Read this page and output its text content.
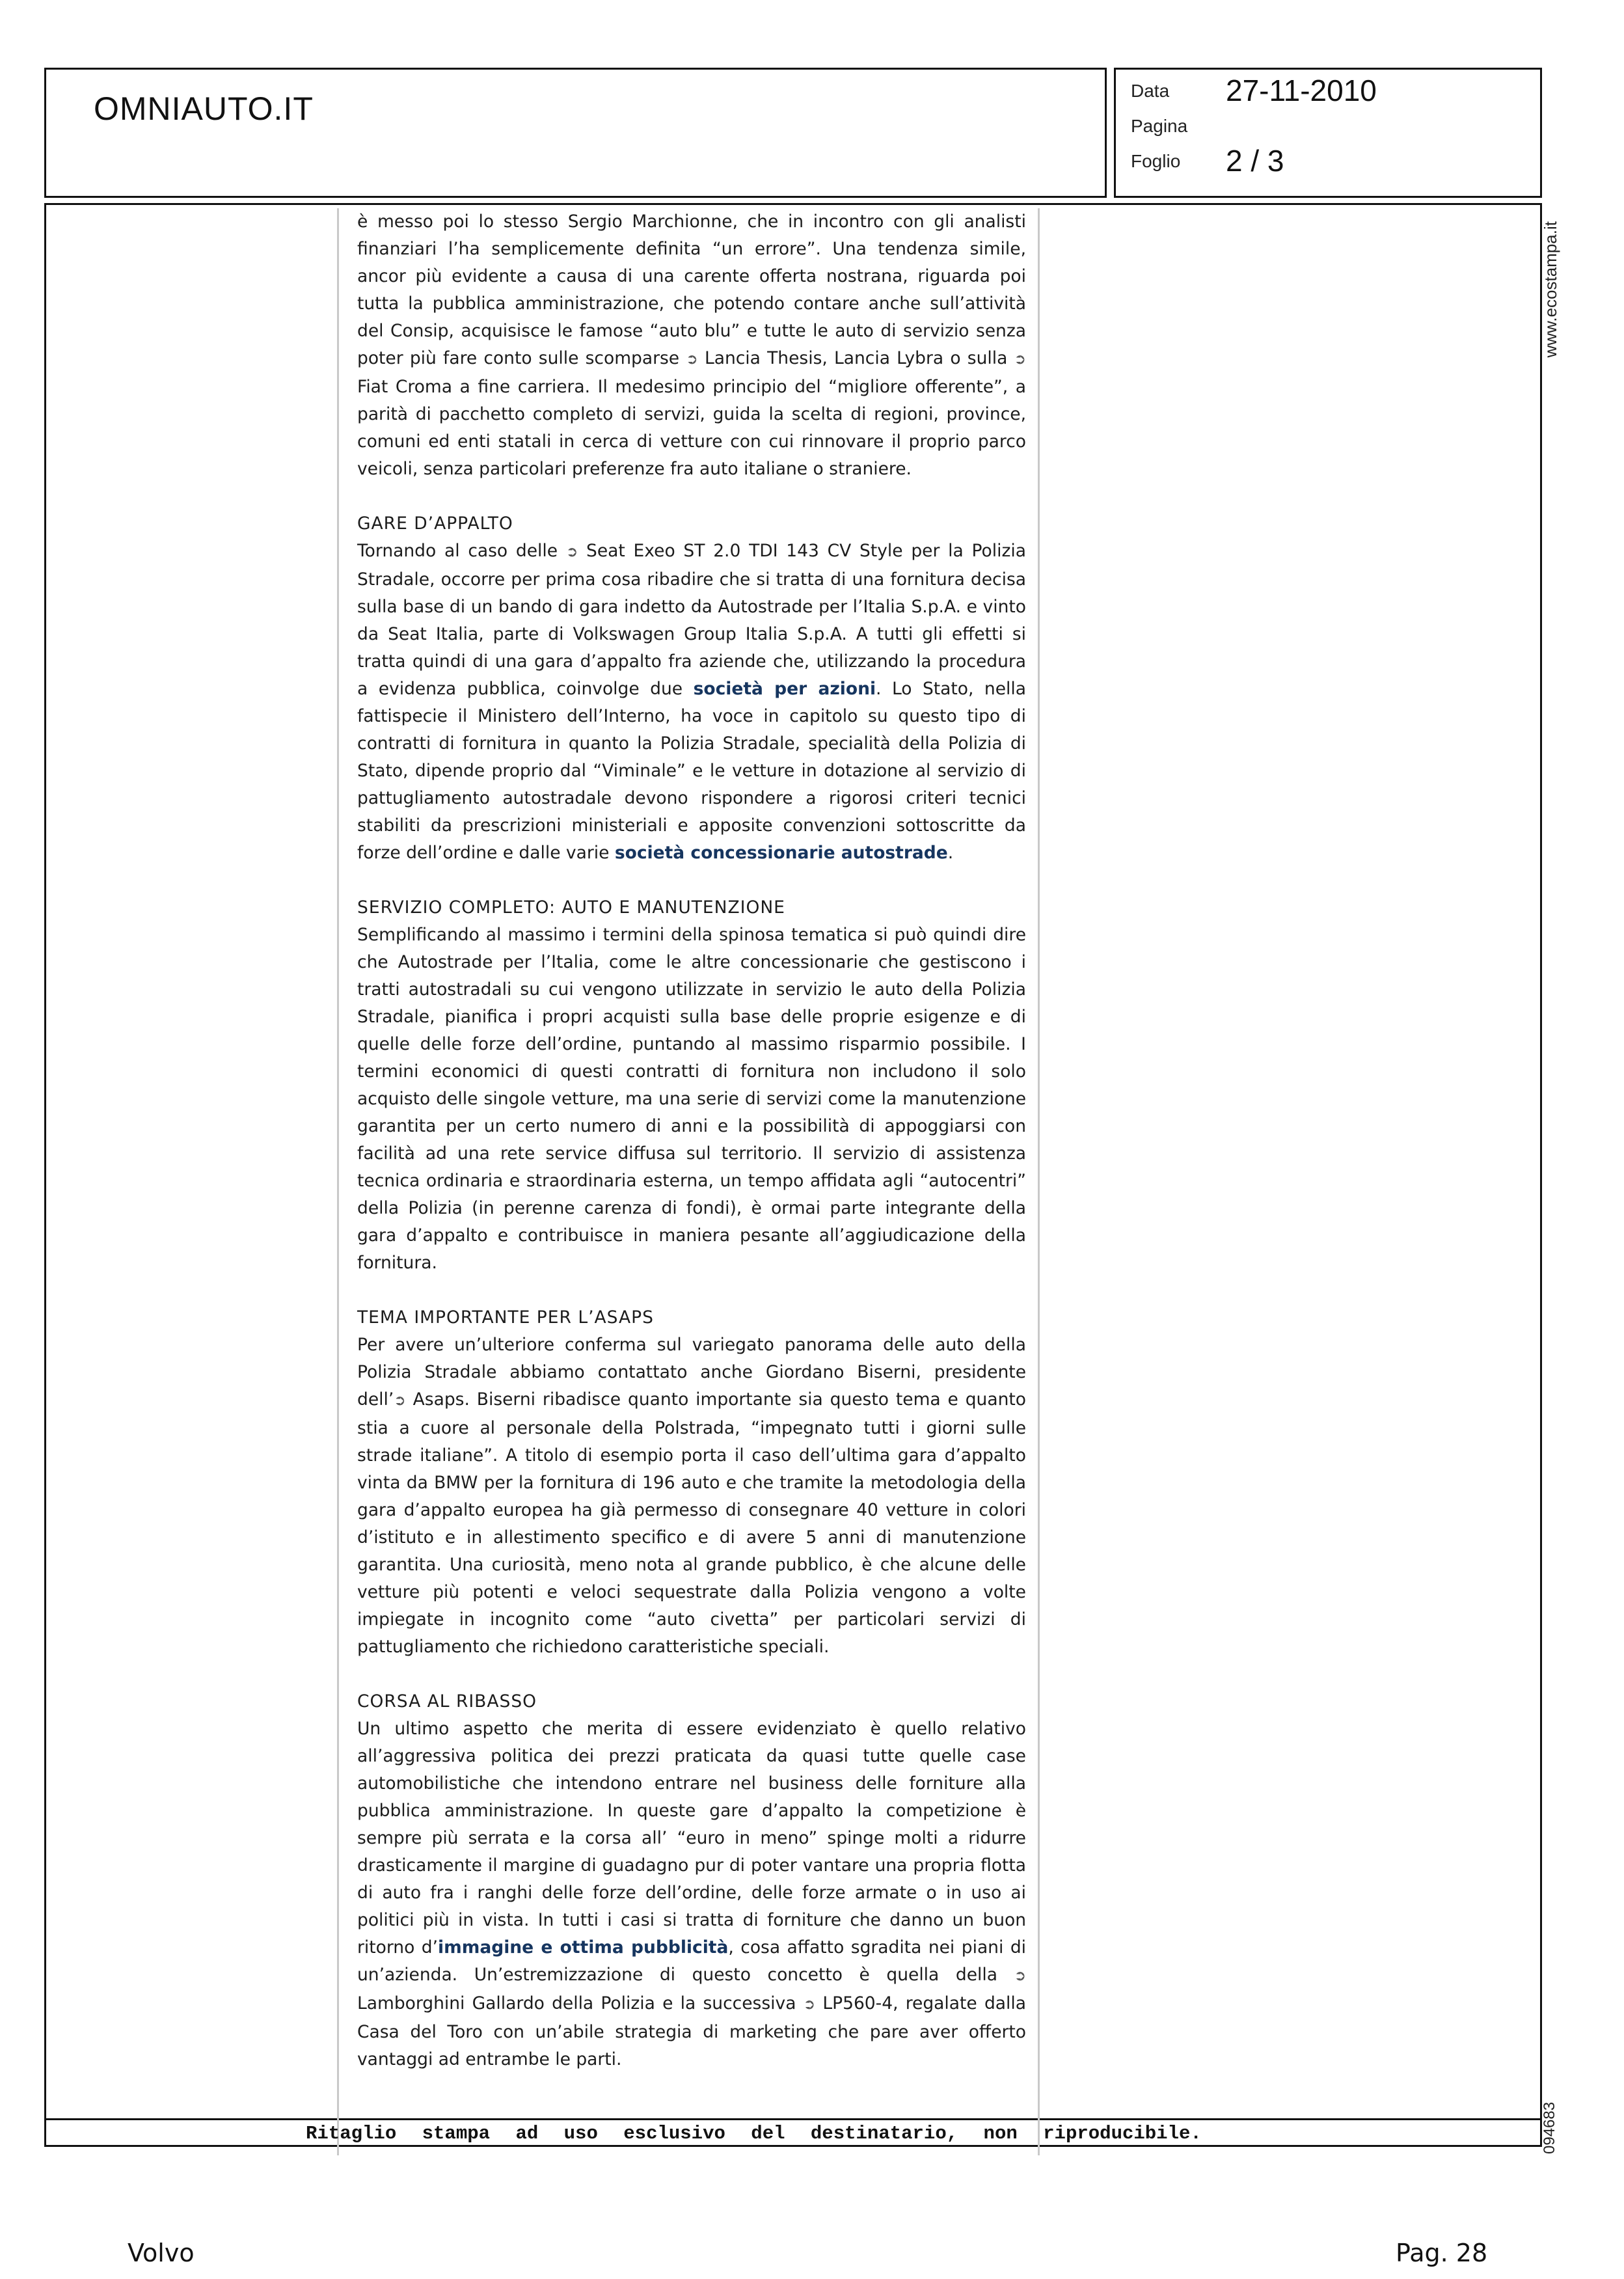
OMNIAUTO.IT	Data 27-11-2010
Pagina
Foglio 2 / 3
www.ecostampa.it
094683

è messo poi lo stesso Sergio Marchionne, che in incontro con gli analisti finanziari l’ha semplicemente definita “un errore”. Una tendenza simile, ancor più evidente a causa di una carente offerta nostrana, riguarda poi tutta la pubblica amministrazione, che potendo contare anche sull’attività del Consip, acquisisce le famose “auto blu” e tutte le auto di servizio senza poter più fare conto sulle scomparse ➲ Lancia Thesis, Lancia Lybra o sulla ➲ Fiat Croma a fine carriera. Il medesimo principio del “migliore offerente”, a parità di pacchetto completo di servizi, guida la scelta di regioni, province, comuni ed enti statali in cerca di vetture con cui rinnovare il proprio parco veicoli, senza particolari preferenze fra auto italiane o straniere.

GARE D’APPALTO

Tornando al caso delle ➲ Seat Exeo ST 2.0 TDI 143 CV Style per la Polizia Stradale, occorre per prima cosa ribadire che si tratta di una fornitura decisa sulla base di un bando di gara indetto da Autostrade per l’Italia S.p.A. e vinto da Seat Italia, parte di Volkswagen Group Italia S.p.A. A tutti gli effetti si tratta quindi di una gara d’appalto fra aziende che, utilizzando la procedura a evidenza pubblica, coinvolge due società per azioni. Lo Stato, nella fattispecie il Ministero dell’Interno, ha voce in capitolo su questo tipo di contratti di fornitura in quanto la Polizia Stradale, specialità della Polizia di Stato, dipende proprio dal “Viminale” e le vetture in dotazione al servizio di pattugliamento autostradale devono rispondere a rigorosi criteri tecnici stabiliti da prescrizioni ministeriali e apposite convenzioni sottoscritte da forze dell’ordine e dalle varie società concessionarie autostrade.

SERVIZIO COMPLETO: AUTO E MANUTENZIONE

Semplificando al massimo i termini della spinosa tematica si può quindi dire che Autostrade per l’Italia, come le altre concessionarie che gestiscono i tratti autostradali su cui vengono utilizzate in servizio le auto della Polizia Stradale, pianifica i propri acquisti sulla base delle proprie esigenze e di quelle delle forze dell’ordine, puntando al massimo risparmio possibile. I termini economici di questi contratti di fornitura non includono il solo acquisto delle singole vetture, ma una serie di servizi come la manutenzione garantita per un certo numero di anni e la possibilità di appoggiarsi con facilità ad una rete service diffusa sul territorio. Il servizio di assistenza tecnica ordinaria e straordinaria esterna, un tempo affidata agli “autocentri” della Polizia (in perenne carenza di fondi), è ormai parte integrante della gara d’appalto e contribuisce in maniera pesante all’aggiudicazione della fornitura.

TEMA IMPORTANTE PER L’ASAPS

Per avere un’ulteriore conferma sul variegato panorama delle auto della Polizia Stradale abbiamo contattato anche Giordano Biserni, presidente dell’➲ Asaps. Biserni ribadisce quanto importante sia questo tema e quanto stia a cuore al personale della Polstrada, “impegnato tutti i giorni sulle strade italiane”. A titolo di esempio porta il caso dell’ultima gara d’appalto vinta da BMW per la fornitura di 196 auto e che tramite la metodologia della gara d’appalto europea ha già permesso di consegnare 40 vetture in colori d’istituto e in allestimento specifico e di avere 5 anni di manutenzione garantita. Una curiosità, meno nota al grande pubblico, è che alcune delle vetture più potenti e veloci sequestrate dalla Polizia vengono a volte impiegate in incognito come “auto civetta” per particolari servizi di pattugliamento che richiedono caratteristiche speciali.

CORSA AL RIBASSO

Un ultimo aspetto che merita di essere evidenziato è quello relativo all’aggressiva politica dei prezzi praticata da quasi tutte quelle case automobilistiche che intendono entrare nel business delle forniture alla pubblica amministrazione. In queste gare d’appalto la competizione è sempre più serrata e la corsa all’ “euro in meno” spinge molti a ridurre drasticamente il margine di guadagno pur di poter vantare una propria flotta di auto fra i ranghi delle forze dell’ordine, delle forze armate o in uso ai politici più in vista. In tutti i casi si tratta di forniture che danno un buon ritorno d’immagine e ottima pubblicità, cosa affatto sgradita nei piani di un’azienda. Un’estremizzazione di questo concetto è quella della ➲ Lamborghini Gallardo della Polizia e la successiva ➲ LP560-4, regalate dalla Casa del Toro con un’abile strategia di marketing che pare aver offerto vantaggi ad entrambe le parti.

Ritaglio stampa ad uso esclusivo del destinatario, non riproducibile.
Volvo	Pag. 28
